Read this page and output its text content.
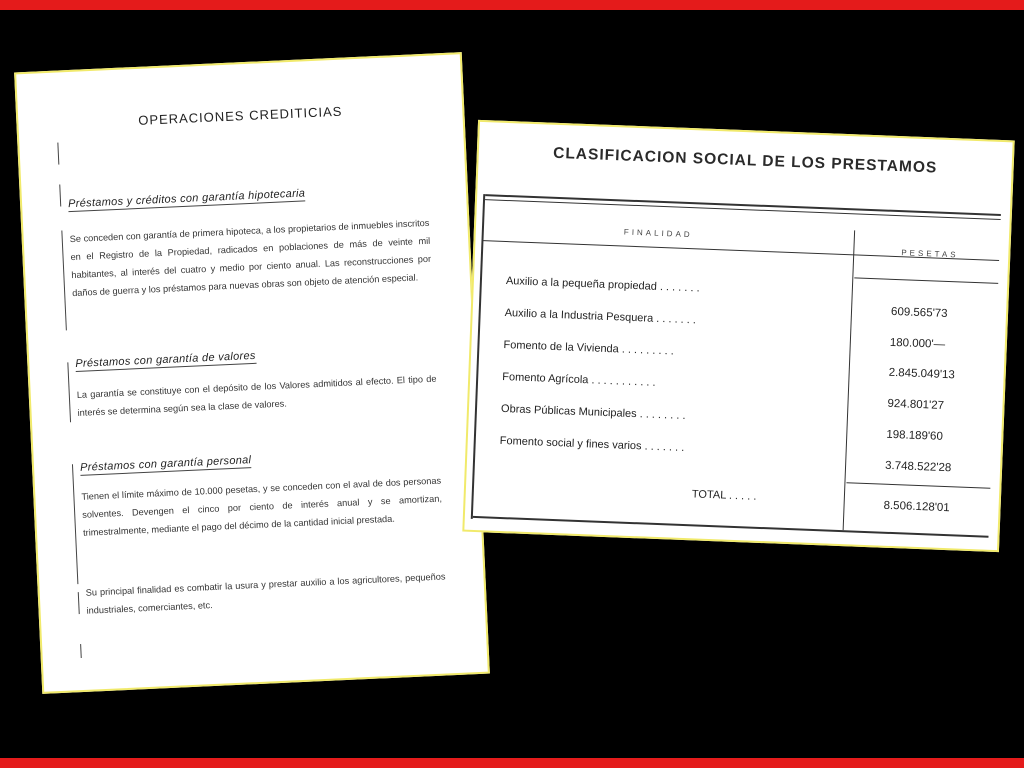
OPERACIONES CREDITICIAS
Préstamos y créditos con garantía hipotecaria
Se conceden con garantía de primera hipoteca, a los propietarios de inmuebles inscritos en el Registro de la Propiedad, radicados en poblaciones de más de veinte mil habitantes, al interés del cuatro y medio por ciento anual. Las reconstrucciones por daños de guerra y los préstamos para nuevas obras son objeto de atención especial.
Préstamos con garantía de valores
La garantía se constituye con el depósito de los Valores admitidos al efecto. El tipo de interés se determina según sea la clase de valores.
Préstamos con garantía personal
Tienen el límite máximo de 10.000 pesetas, y se conceden con el aval de dos personas solventes. Devengen el cinco por ciento de interés anual y se amortizan, trimestralmente, mediante el pago del décimo de la cantidad inicial prestada.
Su principal finalidad es combatir la usura y prestar auxilio a los agricultores, pequeños industriales, comerciantes, etc.
CLASIFICACION SOCIAL DE LOS PRESTAMOS
FINALIDAD
PESETAS
Auxilio a la pequeña propiedad . . . . . . .
609.565'73
Auxilio a la Industria Pesquera . . . . . . .
180.000'—
Fomento de la Vivienda . . . . . . . . .
2.845.049'13
Fomento Agrícola . . . . . . . . . . .
924.801'27
Obras Públicas Municipales . . . . . . . .
198.189'60
Fomento social y fines varios . . . . . . .
3.748.522'28
TOTAL . . . . .
8.506.128'01
